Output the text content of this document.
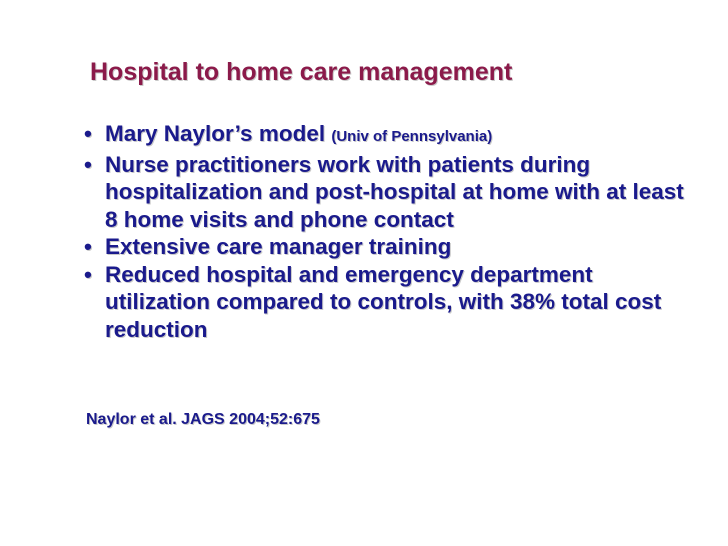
Hospital to home care management
• Mary Naylor’s model (Univ of Pennsylvania)
• Nurse practitioners work with patients during hospitalization and post-hospital at home with at least 8 home visits and phone contact
• Extensive care manager training
• Reduced hospital and emergency department utilization compared to controls, with 38% total cost reduction
Naylor et al. JAGS 2004;52:675
